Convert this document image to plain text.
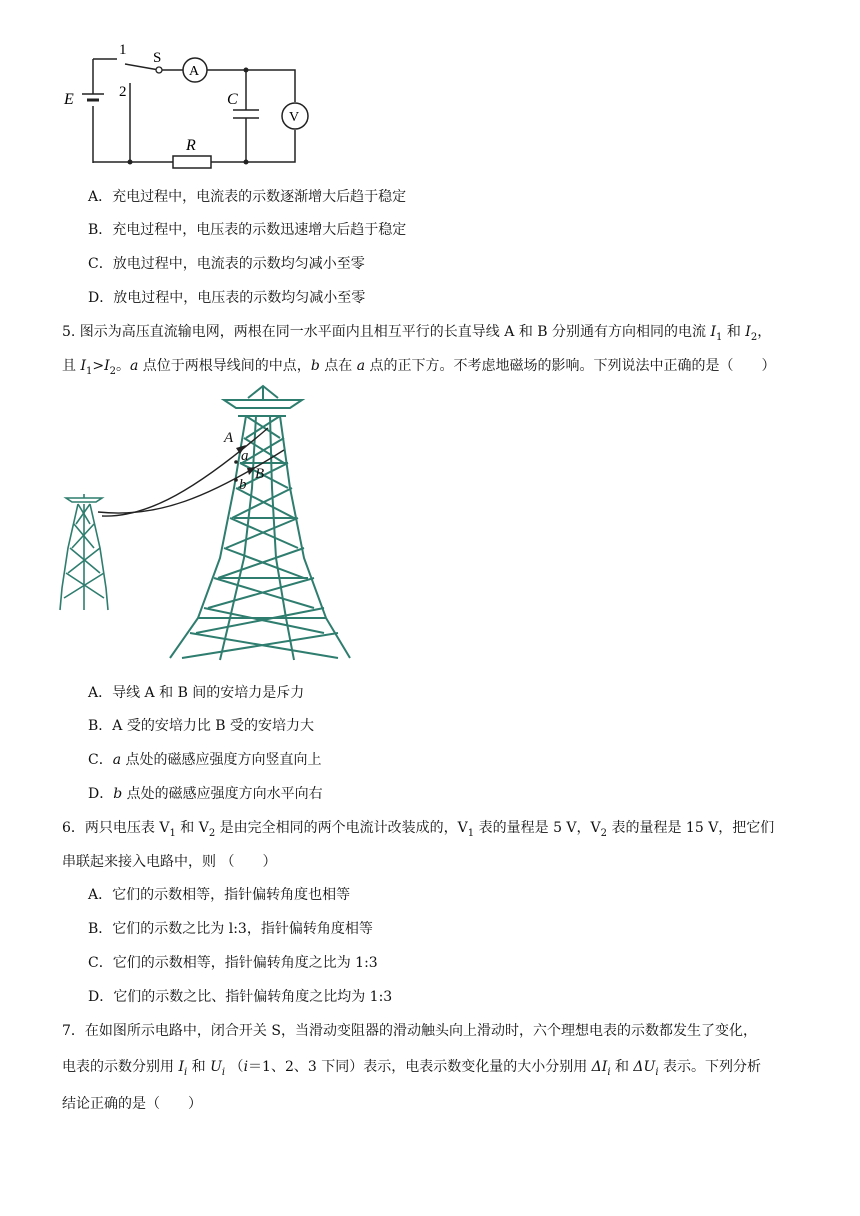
1
2
S
A
E	C
V
R
A．充电过程中，电流表的示数逐渐增大后趋于稳定
B．充电过程中，电压表的示数迅速增大后趋于稳定
C．放电过程中，电流表的示数均匀减小至零
D．放电过程中，电压表的示数均匀减小至零
5. 图示为高压直流输电网，两根在同一水平面内且相互平行的长直导线 A 和 B 分别通有方向相同的电流 $I_1$ 和 $I_2$，
且 $I_1>I_2$。a 点位于两根导线间的中点，b 点在 a 点的正下方。不考虑地磁场的影响。下列说法中正确的是（　　）
A
B
a
b
A．导线 A 和 B 间的安培力是斥力
B．A 受的安培力比 B 受的安培力大
C．a 点处的磁感应强度方向竖直向上
D．b 点处的磁感应强度方向水平向右
6．两只电压表 $V_1$ 和 $V_2$ 是由完全相同的两个电流计改装成的，$V_1$ 表的量程是 5 V，$V_2$ 表的量程是 15 V，把它们
串联起来接入电路中，则 （　　）
A．它们的示数相等，指针偏转角度也相等
B．它们的示数之比为 l:3，指针偏转角度相等
C．它们的示数相等，指针偏转角度之比为 1:3
D．它们的示数之比、指针偏转角度之比均为 1:3
7．在如图所示电路中，闭合开关 S，当滑动变阻器的滑动触头向上滑动时，六个理想电表的示数都发生了变化，
电表的示数分别用 $I_i$ 和 $U_i$ （i＝1、2、3 下同）表示，电表示数变化量的大小分别用 $\Delta I_i$ 和 $\Delta U_i$ 表示。下列分析
结论正确的是（　　）
